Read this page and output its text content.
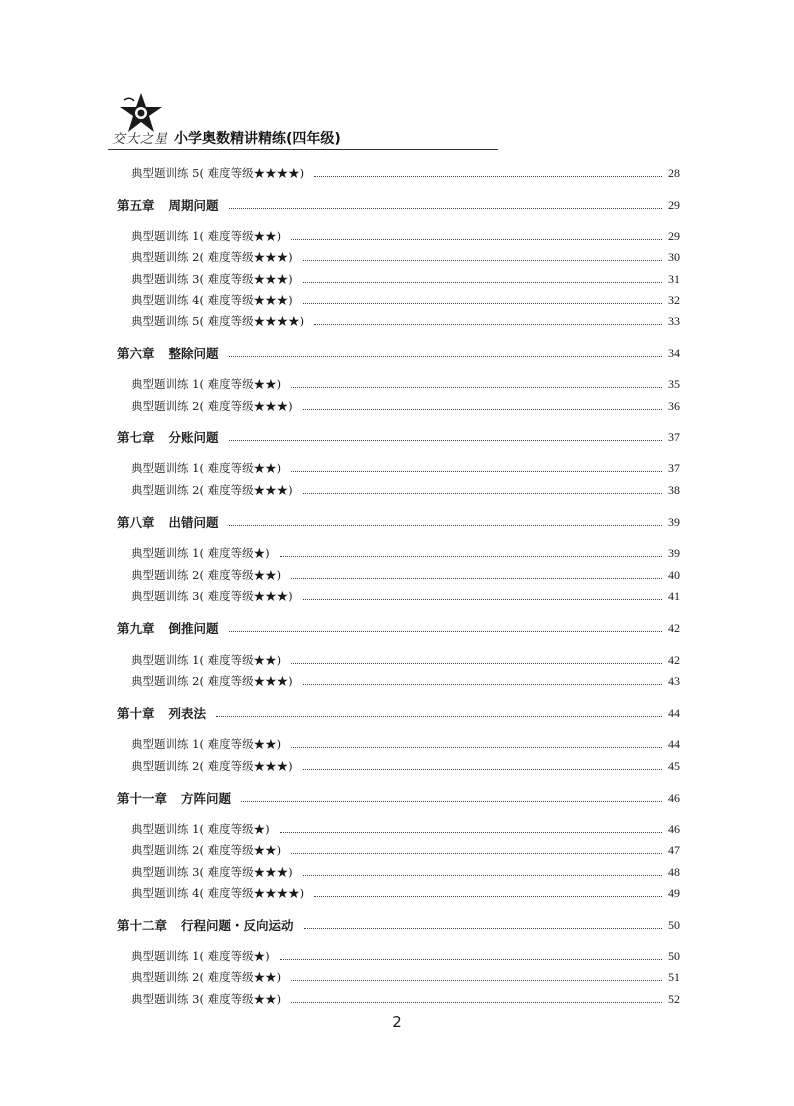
交大之星 小学奥数精讲精练(四年级)
典型题训练 5( 难度等级★★★★)	28
第五章 周期问题	29
典型题训练 1( 难度等级★★)	29
典型题训练 2( 难度等级★★★)	30
典型题训练 3( 难度等级★★★)	31
典型题训练 4( 难度等级★★★)	32
典型题训练 5( 难度等级★★★★)	33
第六章 整除问题	34
典型题训练 1( 难度等级★★)	35
典型题训练 2( 难度等级★★★)	36
第七章 分账问题	37
典型题训练 1( 难度等级★★)	37
典型题训练 2( 难度等级★★★)	38
第八章 出错问题	39
典型题训练 1( 难度等级★)	39
典型题训练 2( 难度等级★★)	40
典型题训练 3( 难度等级★★★)	41
第九章 倒推问题	42
典型题训练 1( 难度等级★★)	42
典型题训练 2( 难度等级★★★)	43
第十章 列表法	44
典型题训练 1( 难度等级★★)	44
典型题训练 2( 难度等级★★★)	45
第十一章 方阵问题	46
典型题训练 1( 难度等级★)	46
典型题训练 2( 难度等级★★)	47
典型题训练 3( 难度等级★★★)	48
典型题训练 4( 难度等级★★★★)	49
第十二章 行程问题・反向运动	50
典型题训练 1( 难度等级★)	50
典型题训练 2( 难度等级★★)	51
典型题训练 3( 难度等级★★)	52
2
